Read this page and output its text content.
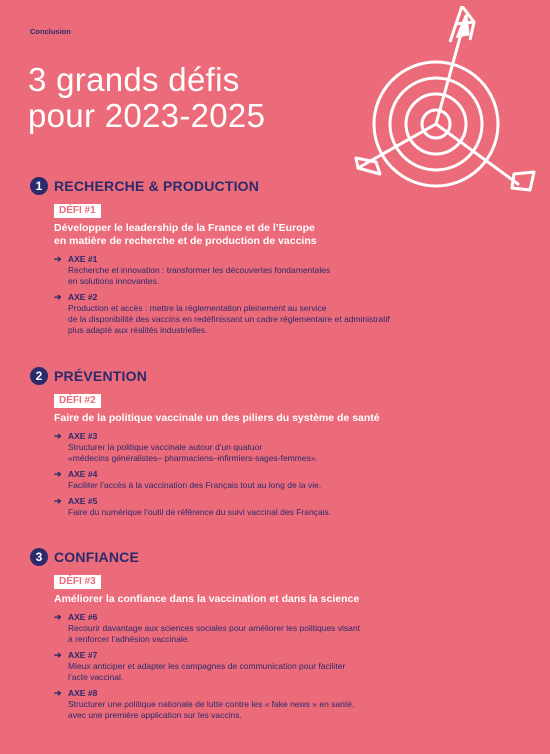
Conclusion
3 grands défis
pour 2023-2025
1 RECHERCHE & PRODUCTION
DÉFI #1
Développer le leadership de la France et de l’Europe
en matière de recherche et de production de vaccins
➔ AXE #1
Recherche et innovation : transformer les découvertes fondamentales
en solutions innovantes.
➔ AXE #2
Production et accès : mettre la réglementation pleinement au service
de la disponibilité des vaccins en redéfinissant un cadre réglementaire et administratif
plus adapté aux réalités industrielles.
2 PRÉVENTION
DÉFI #2
Faire de la politique vaccinale un des piliers du système de santé
➔ AXE #3
Structurer la politique vaccinale autour d’un quatuor
«médecins généralistes– pharmaciens–infirmiers-sages-femmes».
➔ AXE #4
Faciliter l’accès à la vaccination des Français tout au long de la vie.
➔ AXE #5
Faire du numérique l’outil de référence du suivi vaccinal des Français.
3 CONFIANCE
DÉFI #3
Améliorer la confiance dans la vaccination et dans la science
➔ AXE #6
Recourir davantage aux sciences sociales pour améliorer les politiques visant
à renforcer l’adhésion vaccinale.
➔ AXE #7
Mieux anticiper et adapter les campagnes de communication pour faciliter
l’acte vaccinal.
➔ AXE #8
Structurer une politique nationale de lutte contre les « fake news » en santé,
avec une première application sur les vaccins.
